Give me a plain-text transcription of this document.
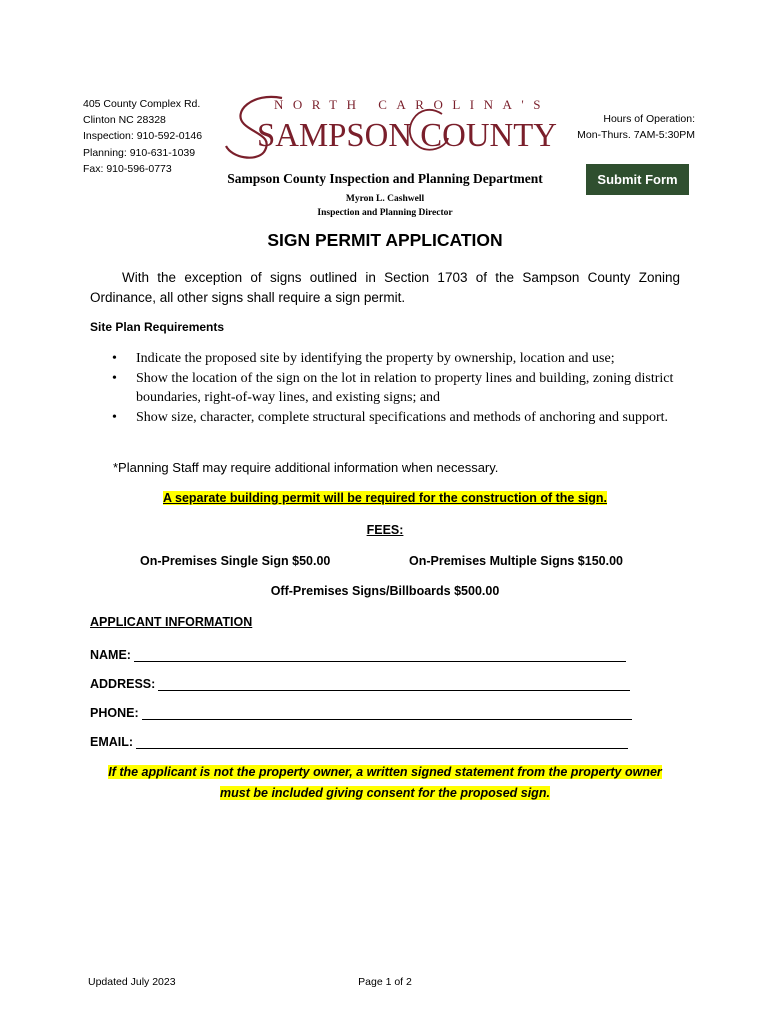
405 County Complex Rd.
Clinton NC 28328
Inspection: 910-592-0146
Planning: 910-631-1039
Fax: 910-596-0773
NORTH CAROLINA'S
SAMPSON COUNTY	Hours of Operation:
Mon-Thurs. 7AM-5:30PM
Sampson County Inspection and Planning Department
Myron L. Cashwell
Inspection and Planning Director
Submit Form
SIGN PERMIT APPLICATION
With the exception of signs outlined in Section 1703 of the Sampson County Zoning Ordinance, all other signs shall require a sign permit.
Site Plan Requirements
• Indicate the proposed site by identifying the property by ownership, location and use;
• Show the location of the sign on the lot in relation to property lines and building, zoning district boundaries, right-of-way lines, and existing signs; and
• Show size, character, complete structural specifications and methods of anchoring and support.
*Planning Staff may require additional information when necessary.
A separate building permit will be required for the construction of the sign.
FEES:
On-Premises Single Sign $50.00	On-Premises Multiple Signs $150.00
Off-Premises Signs/Billboards $500.00
APPLICANT INFORMATION
NAME:
ADDRESS:
PHONE:
EMAIL:
If the applicant is not the property owner, a written signed statement from the property owner must be included giving consent for the proposed sign.
Updated July 2023	Page 1 of 2
